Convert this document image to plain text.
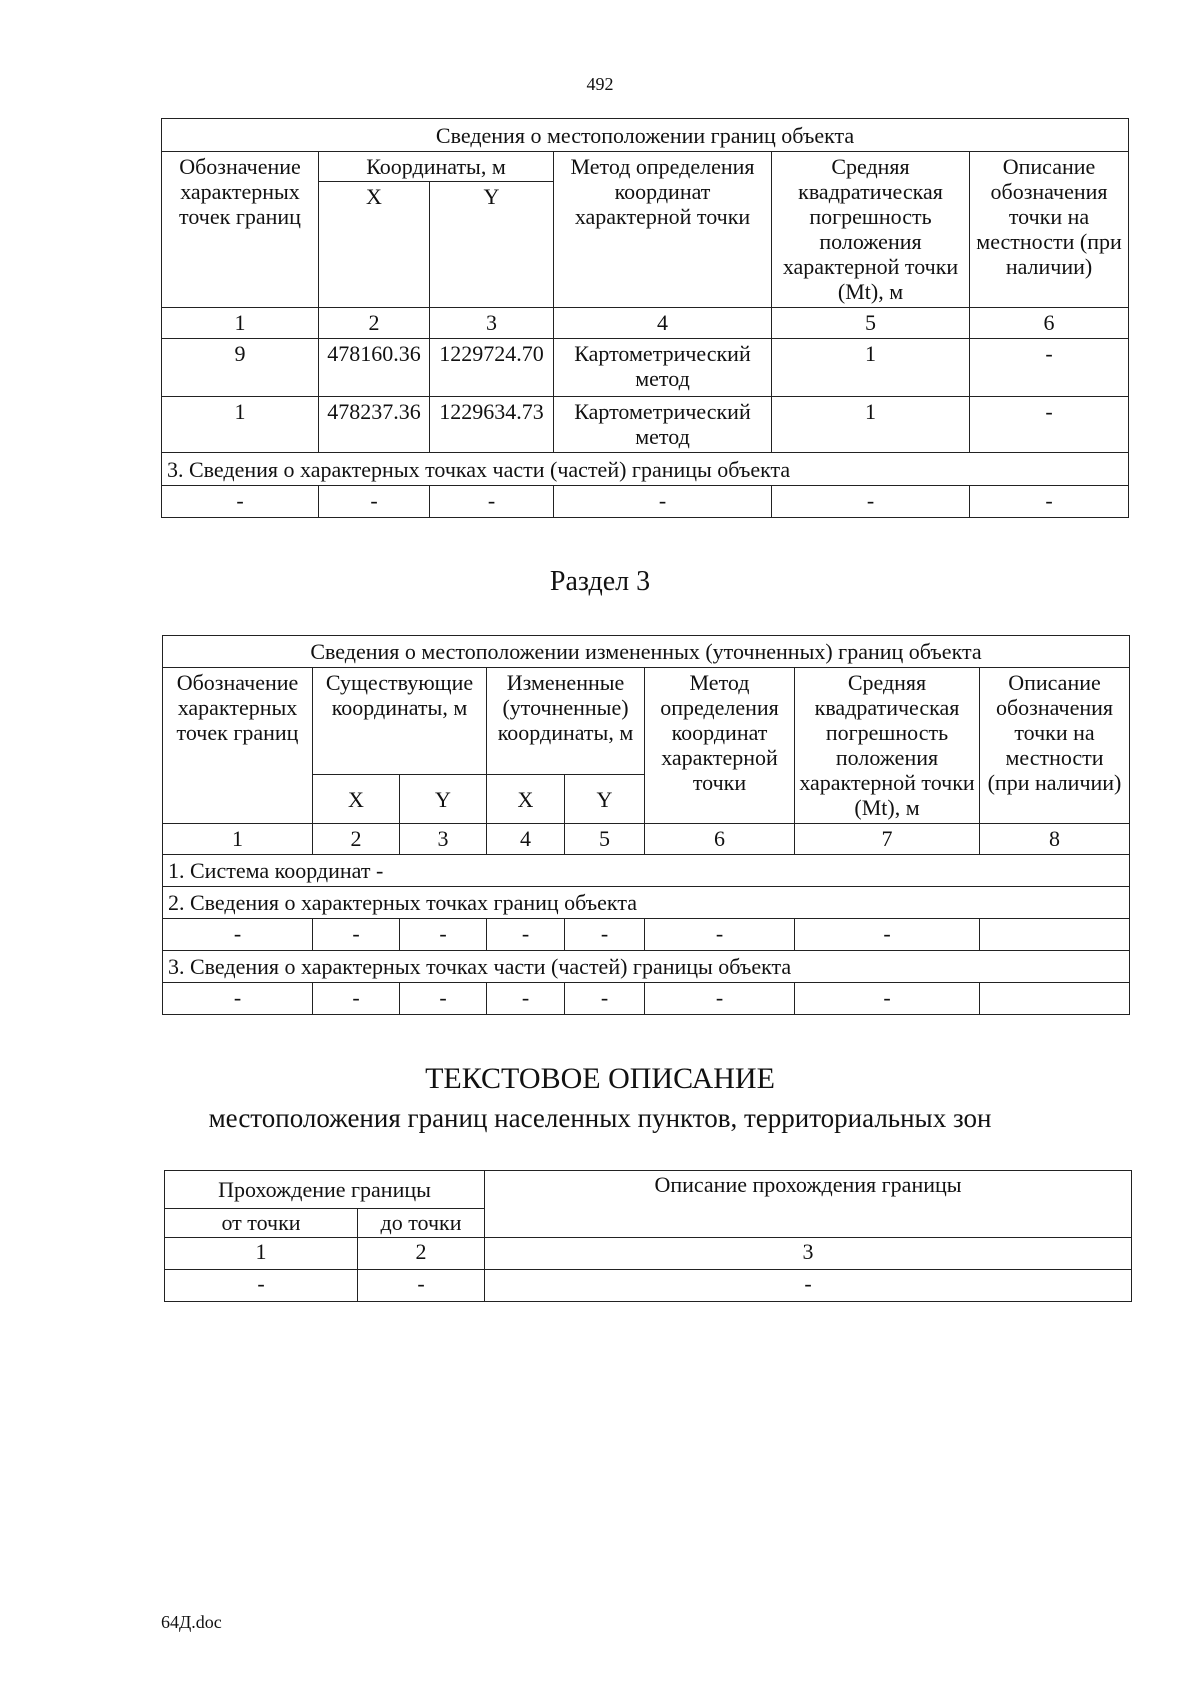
492
Сведения о местоположении границ объекта					
Обозначение характерных точек границ	Координаты, м		Метод определения координат характерной точки	Средняя квадратическая погрешность положения характерной точки (Mt), м	Описание обозначения точки на местности (при наличии)
	X	Y			
1	2	3	4	5	6
9	478160.36	1229724.70	Картометрический метод	1	-
1	478237.36	1229634.73	Картометрический метод	1	-
3. Сведения о характерных точках части (частей) границы объекта					
-	-	-	-	-	-
Раздел 3
Сведения о местоположении измененных (уточненных) границ объекта							
Обозначение характерных точек границ	Существующие координаты, м		Измененные (уточненные) координаты, м		Метод определения координат характерной точки	Средняя квадратическая погрешность положения характерной точки (Mt), м	Описание обозначения точки на местности (при наличии)
	X	Y	X	Y			
1	2	3	4	5	6	7	8
1. Система координат -							
2. Сведения о характерных точках границ объекта							
-	-	-	-	-	-	-	
3. Сведения о характерных точках части (частей) границы объекта							
-	-	-	-	-	-	-	
ТЕКСТОВОЕ ОПИСАНИЕ
местоположения границ населенных пунктов, территориальных зон
Прохождение границы		Описание прохождения границы
от точки	до точки	
1	2	3
-	-	-
64Д.doc
